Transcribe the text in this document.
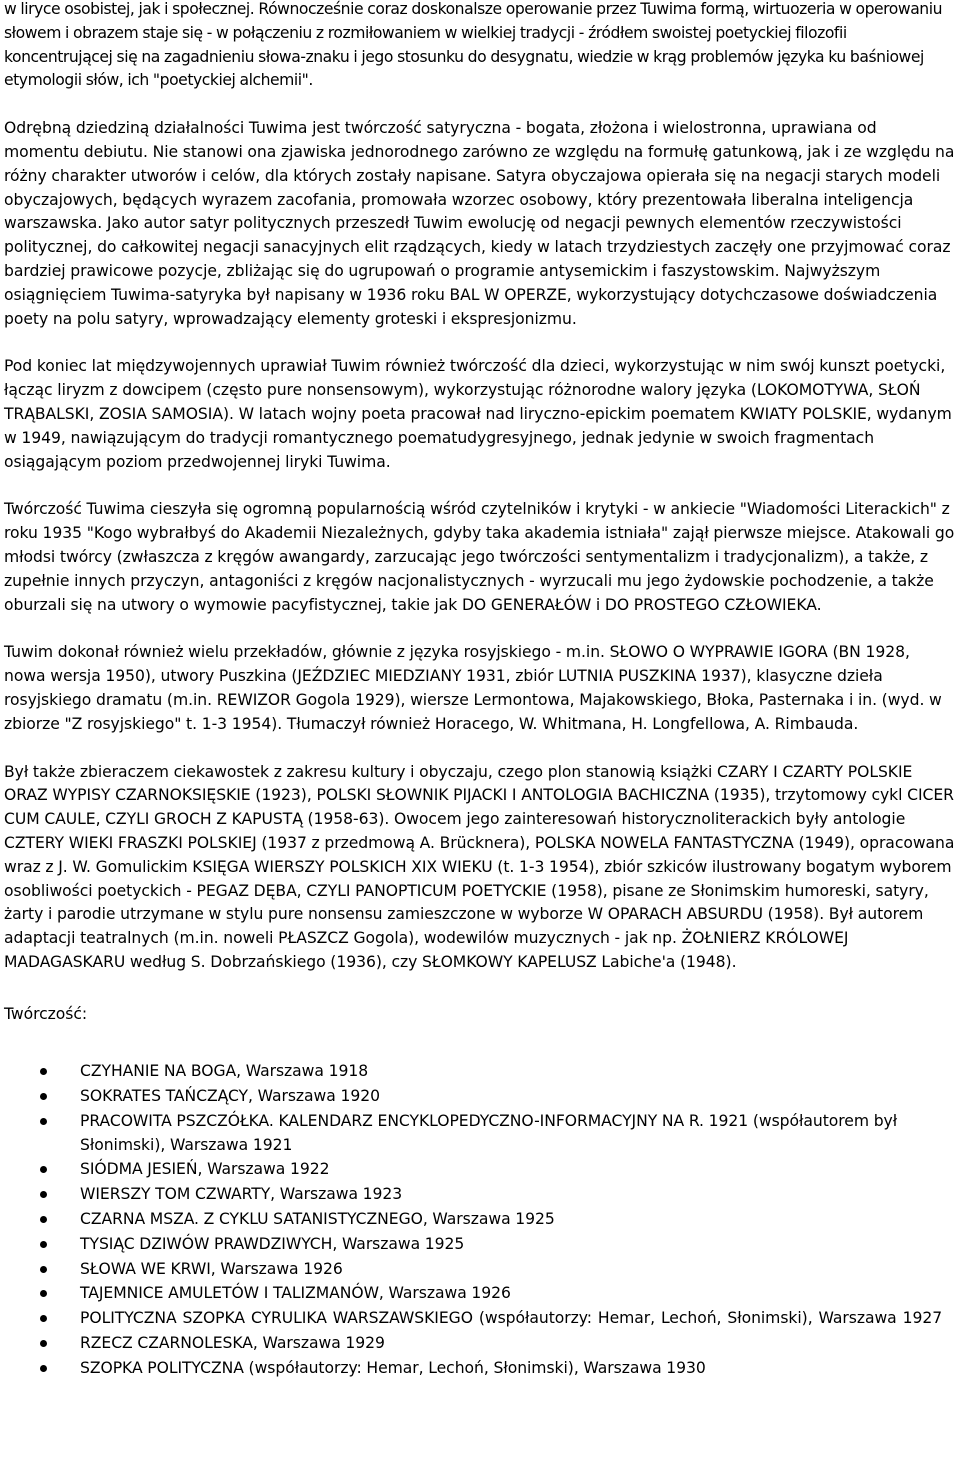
w liryce osobistej, jak i społecznej. Równocześnie coraz doskonalsze operowanie przez Tuwima formą, wirtuozeria w operowaniu słowem i obrazem staje się - w połączeniu z rozmiłowaniem w wielkiej tradycji - źródłem swoistej poetyckiej filozofii koncentrującej się na zagadnieniu słowa-znaku i jego stosunku do desygnatu, wiedzie w krąg problemów języka ku baśniowej etymologii słów, ich "poetyckiej alchemii".

Odrębną dziedziną działalności Tuwima jest twórczość satyryczna - bogata, złożona i wielostronna, uprawiana od momentu debiutu. Nie stanowi ona zjawiska jednorodnego zarówno ze względu na formułę gatunkową, jak i ze względu na różny charakter utworów i celów, dla których zostały napisane. Satyra obyczajowa opierała się na negacji starych modeli obyczajowych, będących wyrazem zacofania, promowała wzorzec osobowy, który prezentowała liberalna inteligencja warszawska. Jako autor satyr politycznych przeszedł Tuwim ewolucję od negacji pewnych elementów rzeczywistości politycznej, do całkowitej negacji sanacyjnych elit rządzących, kiedy w latach trzydziestych zaczęły one przyjmować coraz bardziej prawicowe pozycje, zbliżając się do ugrupowań o programie antysemickim i faszystowskim. Najwyższym osiągnięciem Tuwima-satyryka był napisany w 1936 roku BAL W OPERZE, wykorzystujący dotychczasowe doświadczenia poety na polu satyry, wprowadzający elementy groteski i ekspresjonizmu.

Pod koniec lat międzywojennych uprawiał Tuwim również twórczość dla dzieci, wykorzystując w nim swój kunszt poetycki, łącząc liryzm z dowcipem (często pure nonsensowym), wykorzystując różnorodne walory języka (LOKOMOTYWA, SŁOŃ TRĄBALSKI, ZOSIA SAMOSIA). W latach wojny poeta pracował nad liryczno-epickim poematem KWIATY POLSKIE, wydanym w 1949, nawiązującym do tradycji romantycznego poematudygresyjnego, jednak jedynie w swoich fragmentach osiągającym poziom przedwojennej liryki Tuwima.

Twórczość Tuwima cieszyła się ogromną popularnością wśród czytelników i krytyki - w ankiecie "Wiadomości Literackich" z roku 1935 "Kogo wybrałbyś do Akademii Niezależnych, gdyby taka akademia istniała" zajął pierwsze miejsce. Atakowali go młodsi twórcy (zwłaszcza z kręgów awangardy, zarzucając jego twórczości sentymentalizm i tradycjonalizm), a także, z zupełnie innych przyczyn, antagoniści z kręgów nacjonalistycznych - wyrzucali mu jego żydowskie pochodzenie, a także oburzali się na utwory o wymowie pacyfistycznej, takie jak DO GENERAŁÓW i DO PROSTEGO CZŁOWIEKA.

Tuwim dokonał również wielu przekładów, głównie z języka rosyjskiego - m.in. SŁOWO O WYPRAWIE IGORA (BN 1928, nowa wersja 1950), utwory Puszkina (JEŹDZIEC MIEDZIANY 1931, zbiór LUTNIA PUSZKINA 1937), klasyczne dzieła rosyjskiego dramatu (m.in. REWIZOR Gogola 1929), wiersze Lermontowa, Majakowskiego, Błoka, Pasternaka i in. (wyd. w zbiorze "Z rosyjskiego" t. 1-3 1954). Tłumaczył również Horacego, W. Whitmana, H. Longfellowa, A. Rimbauda.

Był także zbieraczem ciekawostek z zakresu kultury i obyczaju, czego plon stanowią książki CZARY I CZARTY POLSKIE ORAZ WYPISY CZARNOKSIĘSKIE (1923), POLSKI SŁOWNIK PIJACKI I ANTOLOGIA BACHICZNA (1935), trzytomowy cykl CICER CUM CAULE, CZYLI GROCH Z KAPUSTĄ (1958-63). Owocem jego zainteresowań historycznoliterackich były antologie CZTERY WIEKI FRASZKI POLSKIEJ (1937 z przedmową A. Brücknera), POLSKA NOWELA FANTASTYCZNA (1949), opracowana wraz z J. W. Gomulickim KSIĘGA WIERSZY POLSKICH XIX WIEKU (t. 1-3 1954), zbiór szkiców ilustrowany bogatym wyborem osobliwości poetyckich - PEGAZ DĘBA, CZYLI PANOPTICUM POETYCKIE (1958), pisane ze Słonimskim humoreski, satyry, żarty i parodie utrzymane w stylu pure nonsensu zamieszczone w wyborze W OPARACH ABSURDU (1958). Był autorem adaptacji teatralnych (m.in. noweli PŁASZCZ Gogola), wodewilów muzycznych - jak np. ŻOŁNIERZ KRÓLOWEJ MADAGASKARU według S. Dobrzańskiego (1936), czy SŁOMKOWY KAPELUSZ Labiche'a (1948).

Twórczość:

CZYHANIE NA BOGA, Warszawa 1918
SOKRATES TAŃCZĄCY, Warszawa 1920
PRACOWITA PSZCZÓŁKA. KALENDARZ ENCYKLOPEDYCZNO-INFORMACYJNY NA R. 1921 (współautorem był Słonimski), Warszawa 1921
SIÓDMA JESIEŃ, Warszawa 1922
WIERSZY TOM CZWARTY, Warszawa 1923
CZARNA MSZA. Z CYKLU SATANISTYCZNEGO, Warszawa 1925
TYSIĄC DZIWÓW PRAWDZIWYCH, Warszawa 1925
SŁOWA WE KRWI, Warszawa 1926
TAJEMNICE AMULETÓW I TALIZMANÓW, Warszawa 1926
POLITYCZNA SZOPKA CYRULIKA WARSZAWSKIEGO (współautorzy: Hemar, Lechoń, Słonimski), Warszawa 1927
RZECZ CZARNOLESKA, Warszawa 1929
SZOPKA POLITYCZNA (współautorzy: Hemar, Lechoń, Słonimski), Warszawa 1930
